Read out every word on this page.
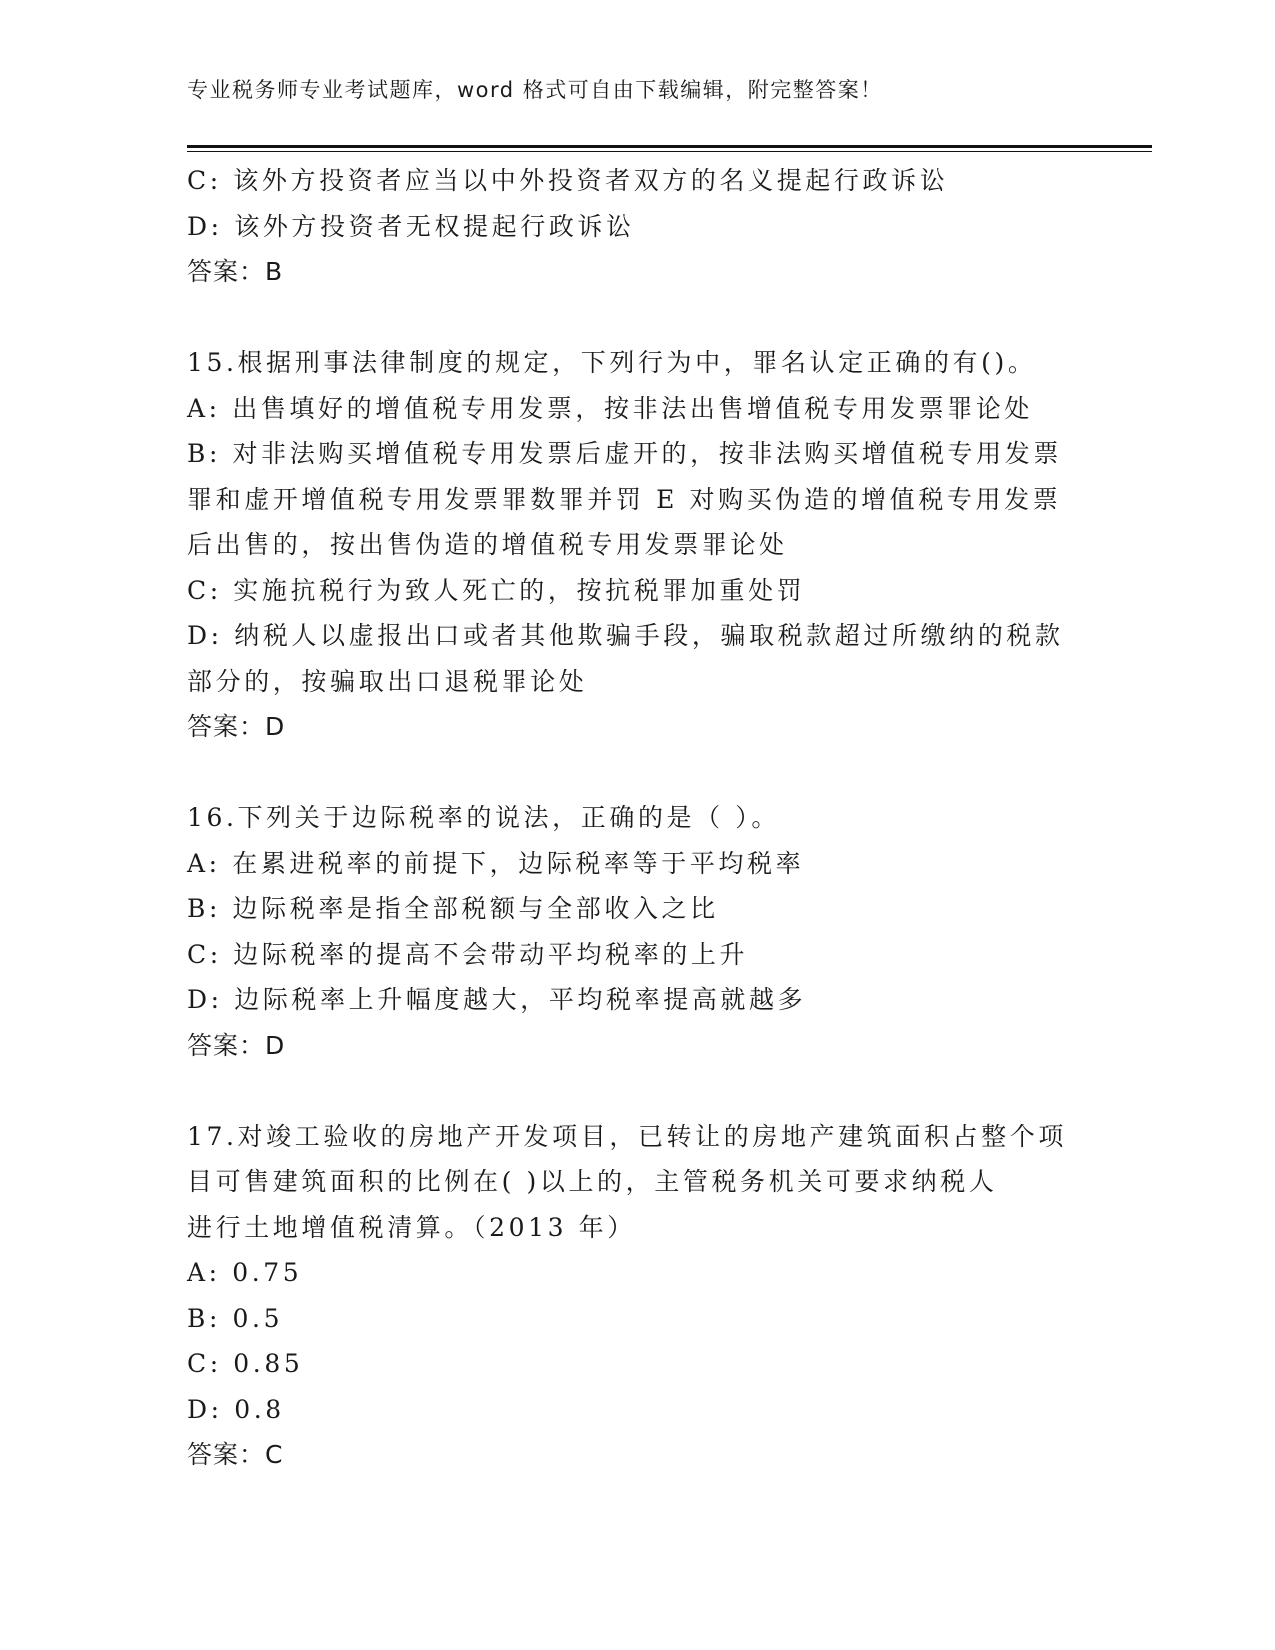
专业税务师专业考试题库，word 格式可自由下载编辑，附完整答案！
C: 该外方投资者应当以中外投资者双方的名义提起行政诉讼
D: 该外方投资者无权提起行政诉讼
答案：B
15.根据刑事法律制度的规定，下列行为中，罪名认定正确的有()。
A: 出售填好的增值税专用发票，按非法出售增值税专用发票罪论处
B: 对非法购买增值税专用发票后虚开的，按非法购买增值税专用发票
罪和虚开增值税专用发票罪数罪并罚 E 对购买伪造的增值税专用发票
后出售的，按出售伪造的增值税专用发票罪论处
C: 实施抗税行为致人死亡的，按抗税罪加重处罚
D: 纳税人以虚报出口或者其他欺骗手段，骗取税款超过所缴纳的税款
部分的，按骗取出口退税罪论处
答案：D
16.下列关于边际税率的说法，正确的是（ ）。
A: 在累进税率的前提下，边际税率等于平均税率
B: 边际税率是指全部税额与全部收入之比
C: 边际税率的提高不会带动平均税率的上升
D: 边际税率上升幅度越大，平均税率提高就越多
答案：D
17.对竣工验收的房地产开发项目，已转让的房地产建筑面积占整个项
目可售建筑面积的比例在( )以上的，主管税务机关可要求纳税人
进行土地增值税清算。（2013 年）
A: 0.75
B: 0.5
C: 0.85
D: 0.8
答案：C
